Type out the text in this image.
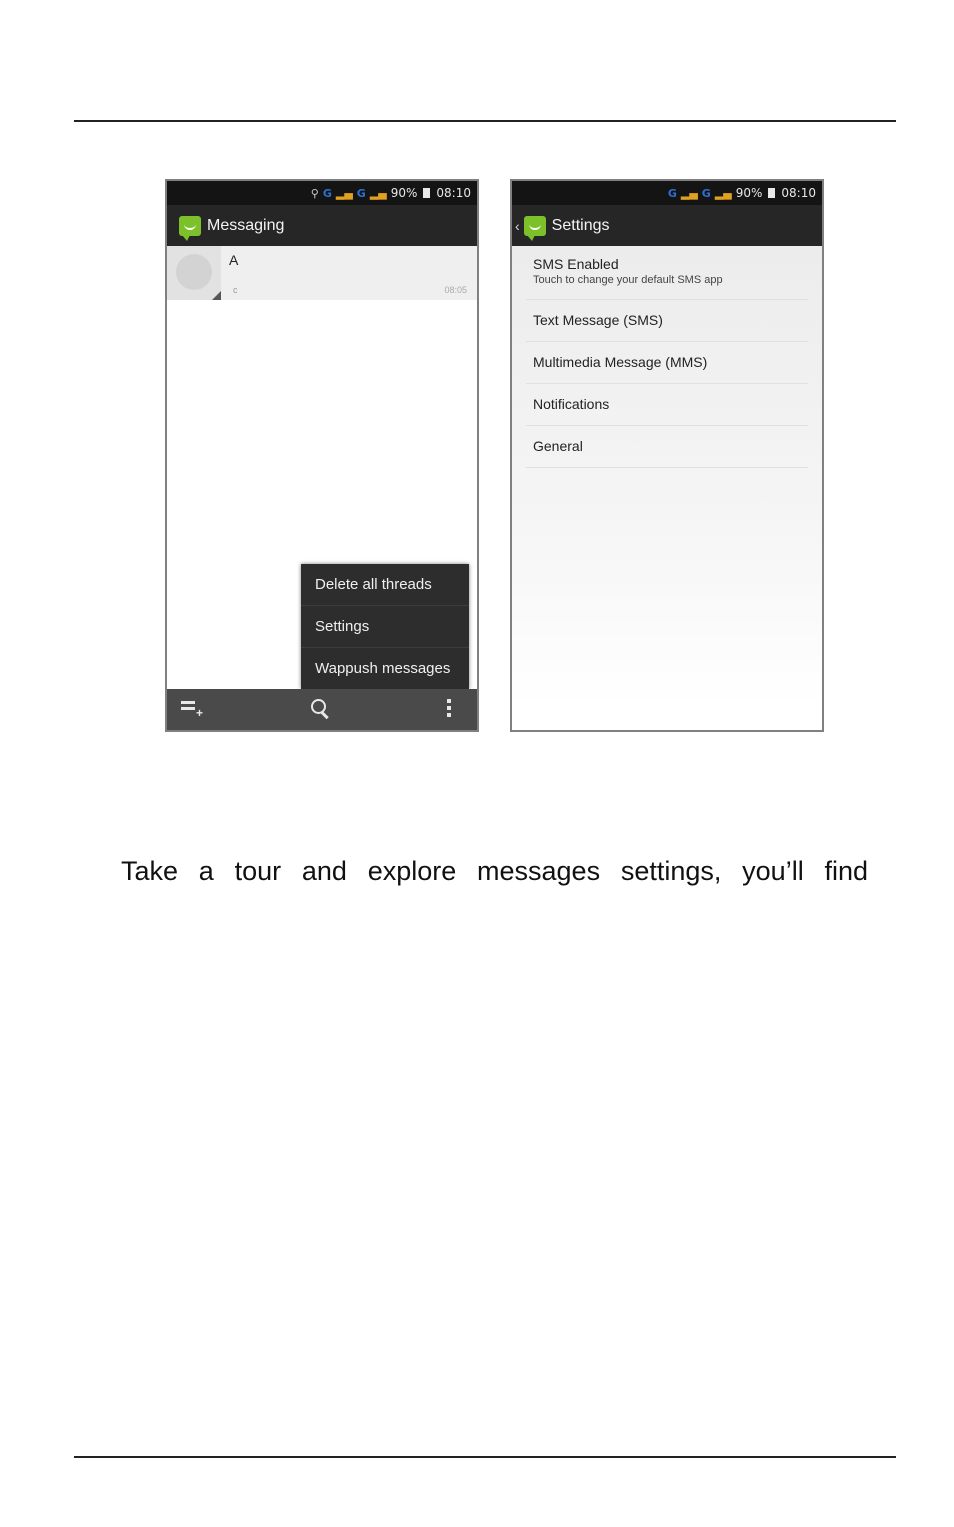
⚲ G ▂▄ G ▂▄ 90% 08:10
Messaging
A
c	08:05
Delete all threads
Settings
Wappush messages
+
G ▂▄ G ▂▄ 90% 08:10
‹ Settings
SMS Enabled
Touch to change your default SMS app
Text Message (SMS)
Multimedia Message (MMS)
Notifications
General
Take a tour and explore messages settings, you’ll find
